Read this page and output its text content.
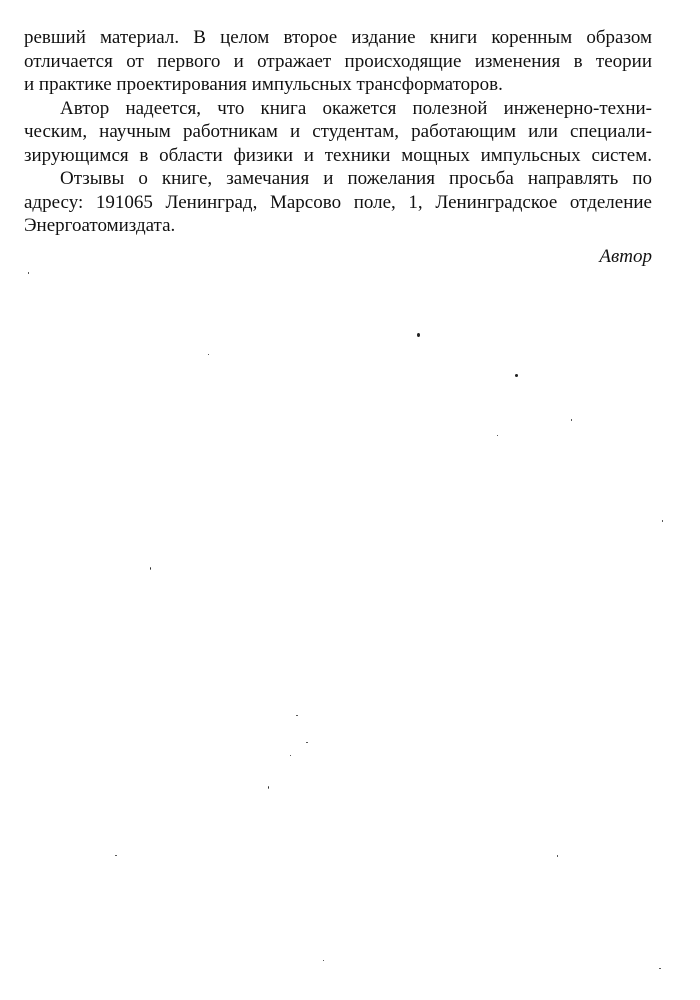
ревший материал. В целом второе издание книги коренным образом
отличается от первого и отражает происходящие изменения в теории
и практике проектирования импульсных трансформаторов.
Автор надеется, что книга окажется полезной инженерно-техни-
ческим, научным работникам и студентам, работающим или специали-
зирующимся в области физики и техники мощных импульсных систем.
Отзывы о книге, замечания и пожелания просьба направлять по
адресу: 191065 Ленинград, Марсово поле, 1, Ленинградское отделение
Энергоатомиздата.
Автор
